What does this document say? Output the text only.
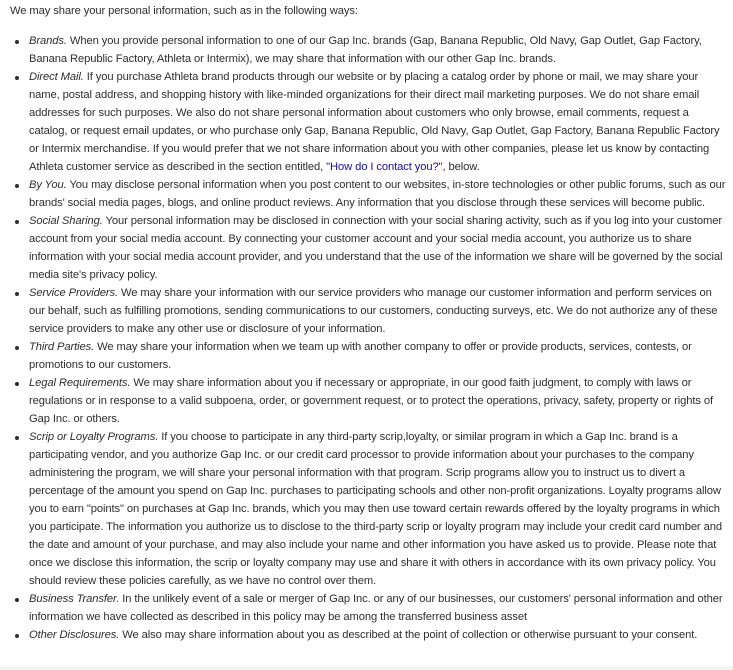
We may share your personal information, such as in the following ways:

Brands. When you provide personal information to one of our Gap Inc. brands (Gap, Banana Republic, Old Navy, Gap Outlet, Gap Factory, Banana Republic Factory, Athleta or Intermix), we may share that information with our other Gap Inc. brands.
Direct Mail. If you purchase Athleta brand products through our website or by placing a catalog order by phone or mail, we may share your name, postal address, and shopping history with like-minded organizations for their direct mail marketing purposes. We do not share email addresses for such purposes. We also do not share personal information about customers who only browse, email comments, request a catalog, or request email updates, or who purchase only Gap, Banana Republic, Old Navy, Gap Outlet, Gap Factory, Banana Republic Factory or Intermix merchandise. If you would prefer that we not share information about you with other companies, please let us know by contacting Athleta customer service as described in the section entitled, "How do I contact you?", below.
By You. You may disclose personal information when you post content to our websites, in-store technologies or other public forums, such as our brands' social media pages, blogs, and online product reviews. Any information that you disclose through these services will become public.
Social Sharing. Your personal information may be disclosed in connection with your social sharing activity, such as if you log into your customer account from your social media account. By connecting your customer account and your social media account, you authorize us to share information with your social media account provider, and you understand that the use of the information we share will be governed by the social media site's privacy policy.
Service Providers. We may share your information with our service providers who manage our customer information and perform services on our behalf, such as fulfilling promotions, sending communications to our customers, conducting surveys, etc. We do not authorize any of these service providers to make any other use or disclosure of your information.
Third Parties. We may share your information when we team up with another company to offer or provide products, services, contests, or promotions to our customers.
Legal Requirements. We may share information about you if necessary or appropriate, in our good faith judgment, to comply with laws or regulations or in response to a valid subpoena, order, or government request, or to protect the operations, privacy, safety, property or rights of Gap Inc. or others.
Scrip or Loyalty Programs. If you choose to participate in any third-party scrip,loyalty, or similar program in which a Gap Inc. brand is a participating vendor, and you authorize Gap Inc. or our credit card processor to provide information about your purchases to the company administering the program, we will share your personal information with that program. Scrip programs allow you to instruct us to divert a percentage of the amount you spend on Gap Inc. purchases to participating schools and other non-profit organizations. Loyalty programs allow you to earn "points" on purchases at Gap Inc. brands, which you may then use toward certain rewards offered by the loyalty programs in which you participate. The information you authorize us to disclose to the third-party scrip or loyalty program may include your credit card number and the date and amount of your purchase, and may also include your name and other information you have asked us to provide. Please note that once we disclose this information, the scrip or loyalty company may use and share it with others in accordance with its own privacy policy. You should review these policies carefully, as we have no control over them.
Business Transfer. In the unlikely event of a sale or merger of Gap Inc. or any of our businesses, our customers' personal information and other information we have collected as described in this policy may be among the transferred business asset
Other Disclosures. We also may share information about you as described at the point of collection or otherwise pursuant to your consent.
